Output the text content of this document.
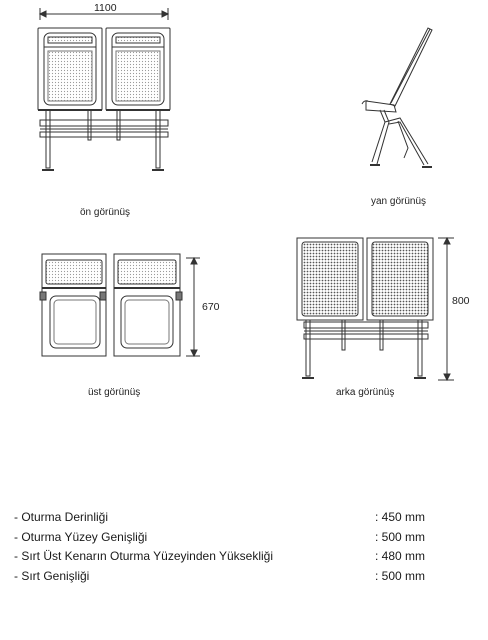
1100
670	800
ön görünüş
yan görünüş
üst görünüş	arka görünüş
- Oturma Derinliği	: 450 mm
- Oturma Yüzey Genişliği	: 500 mm
- Sırt Üst Kenarın Oturma Yüzeyinden Yüksekliği	: 480 mm
- Sırt Genişliği	: 500 mm
